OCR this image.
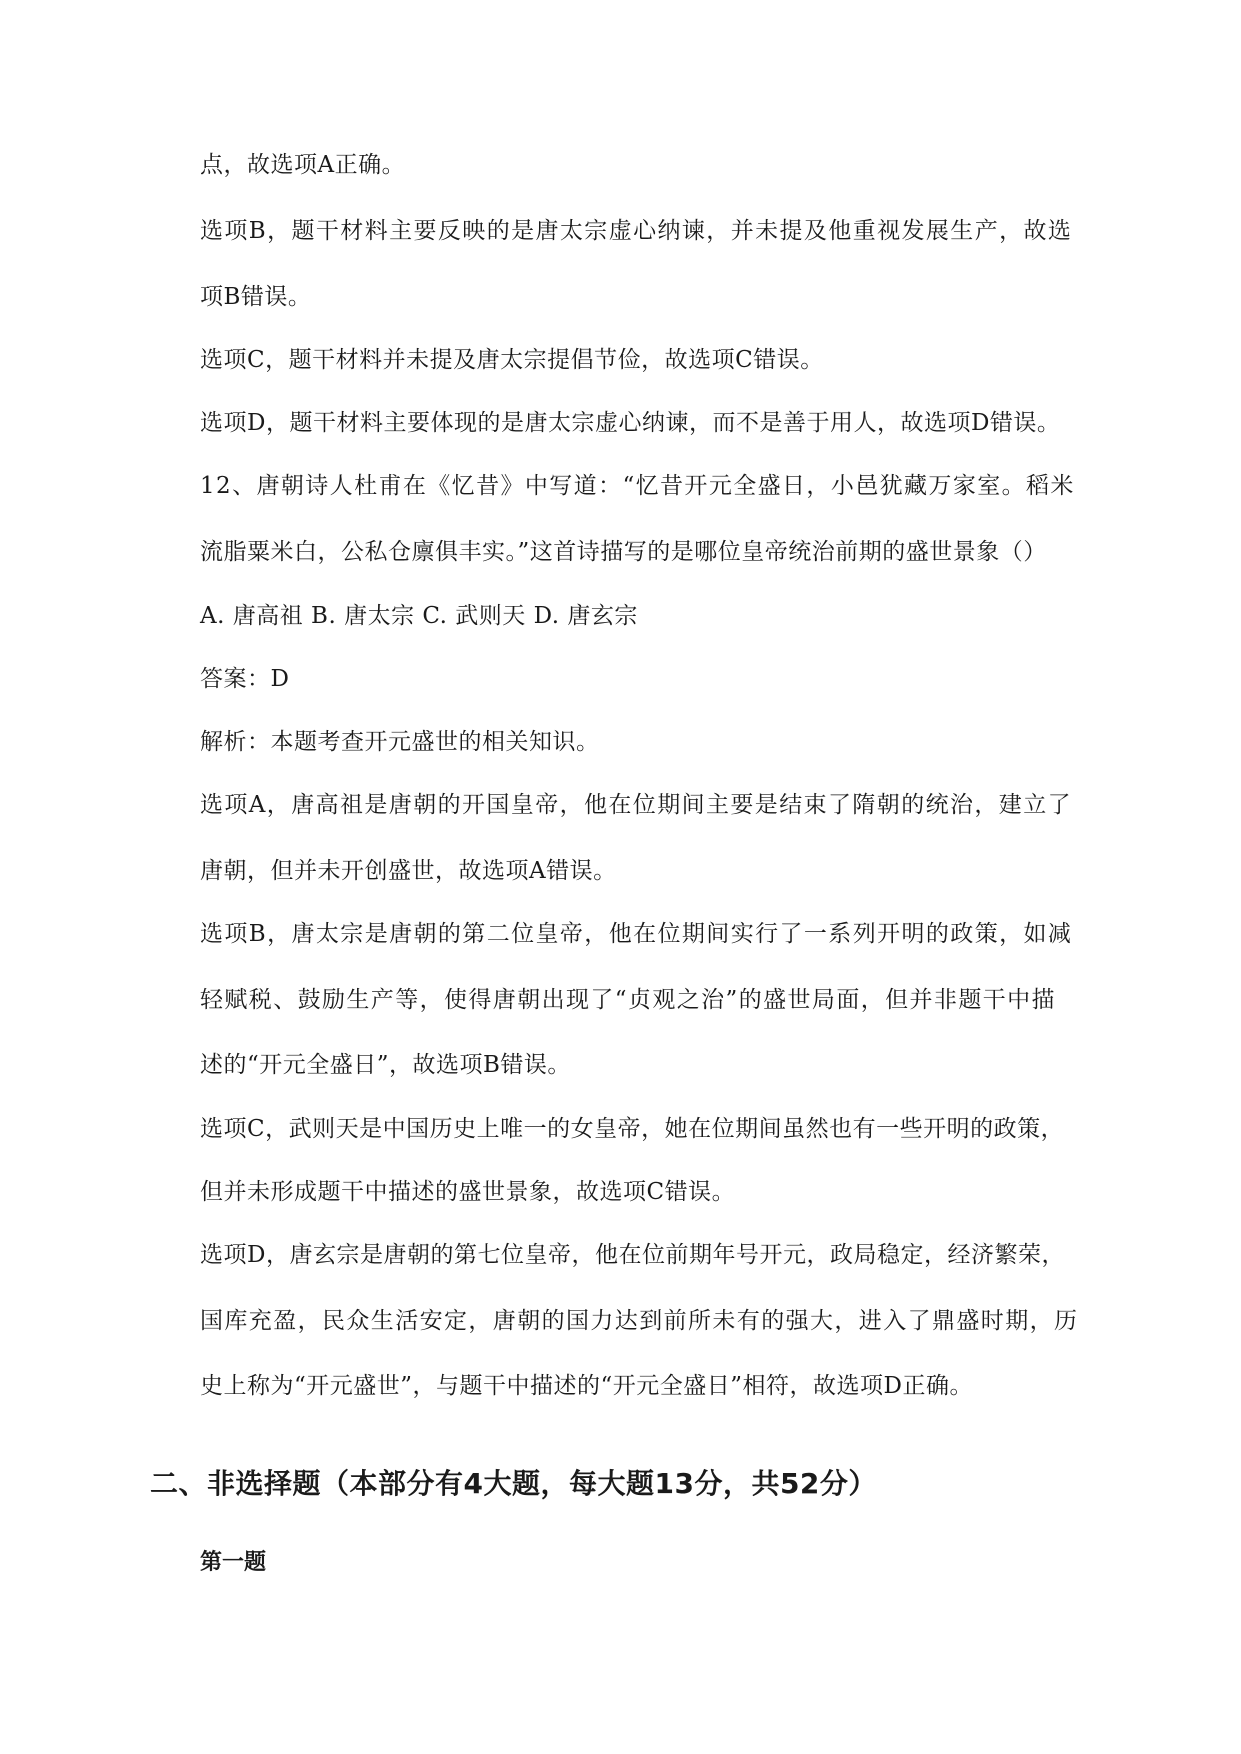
点，故选项A正确。
选项B，题干材料主要反映的是唐太宗虚心纳谏，并未提及他重视发展生产，故选
项B错误。
选项C，题干材料并未提及唐太宗提倡节俭，故选项C错误。
选项D，题干材料主要体现的是唐太宗虚心纳谏，而不是善于用人，故选项D错误。
12、唐朝诗人杜甫在《忆昔》中写道：“忆昔开元全盛日，小邑犹藏万家室。稻米
流脂粟米白，公私仓廪俱丰实。”这首诗描写的是哪位皇帝统治前期的盛世景象（）
A. 唐高祖 B. 唐太宗 C. 武则天 D. 唐玄宗
答案：D
解析：本题考查开元盛世的相关知识。
选项A，唐高祖是唐朝的开国皇帝，他在位期间主要是结束了隋朝的统治，建立了
唐朝，但并未开创盛世，故选项A错误。
选项B，唐太宗是唐朝的第二位皇帝，他在位期间实行了一系列开明的政策，如减
轻赋税、鼓励生产等，使得唐朝出现了“贞观之治”的盛世局面，但并非题干中描
述的“开元全盛日”，故选项B错误。
选项C，武则天是中国历史上唯一的女皇帝，她在位期间虽然也有一些开明的政策，
但并未形成题干中描述的盛世景象，故选项C错误。
选项D，唐玄宗是唐朝的第七位皇帝，他在位前期年号开元，政局稳定，经济繁荣，
国库充盈，民众生活安定，唐朝的国力达到前所未有的强大，进入了鼎盛时期，历
史上称为“开元盛世”，与题干中描述的“开元全盛日”相符，故选项D正确。
二、非选择题（本部分有4大题，每大题13分，共52分）
第一题
